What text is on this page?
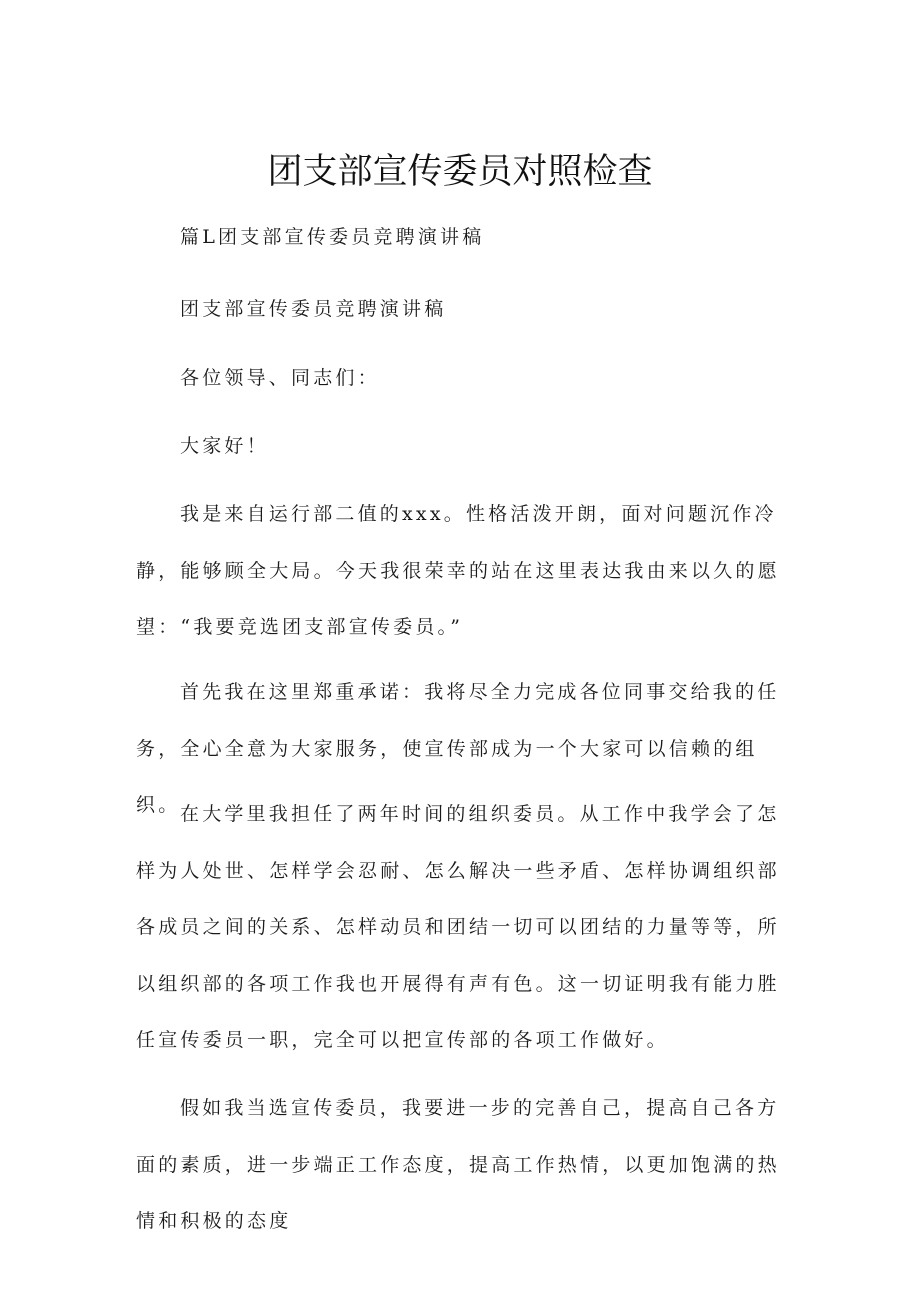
团支部宣传委员对照检查

篇L团支部宣传委员竞聘演讲稿

团支部宣传委员竞聘演讲稿

各位领导、同志们：

大家好！

我是来自运行部二值的xxx。性格活泼开朗，面对问题沉作冷静，能够顾全大局。今天我很荣幸的站在这里表达我由来以久的愿望：“我要竞选团支部宣传委员。”

首先我在这里郑重承诺：我将尽全力完成各位同事交给我的任务，全心全意为大家服务，使宣传部成为一个大家可以信赖的组织。 在大学里我担任了两年时间的组织委员。从工作中我学会了怎样为人处世、怎样学会忍耐、怎么解决一些矛盾、怎样协调组织部各成员之间的关系、怎样动员和团结一切可以团结的力量等等，所以组织部的各项工作我也开展得有声有色。这一切证明我有能力胜任宣传委员一职，完全可以把宣传部的各项工作做好。

假如我当选宣传委员，我要进一步的完善自己，提高自己各方面的素质，进一步端正工作态度，提高工作热情，以更加饱满的热情和积极的态度
